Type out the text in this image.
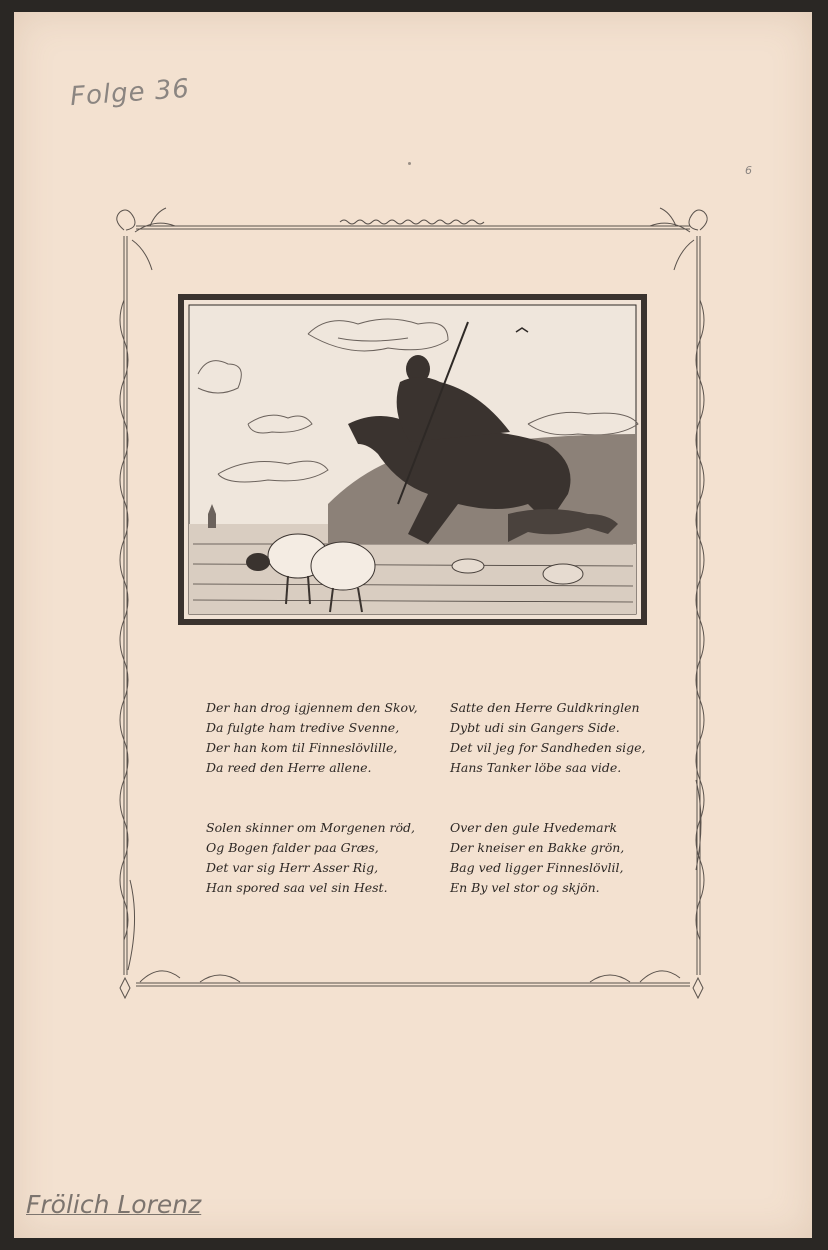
Folge 36
6
Frölich Lorenz
Der han drog igjennem den Skov,
Da fulgte ham tredive Svenne,
Der han kom til Finneslövlille,
Da reed den Herre allene.
Satte den Herre Guldkringlen
Dybt udi sin Gangers Side.
Det vil jeg for Sandheden sige,
Hans Tanker löbe saa vide.
Solen skinner om Morgenen röd,
Og Bogen falder paa Græs,
Det var sig Herr Asser Rig,
Han spored saa vel sin Hest.
Over den gule Hvedemark
Der kneiser en Bakke grön,
Bag ved ligger Finneslövlil,
En By vel stor og skjön.
